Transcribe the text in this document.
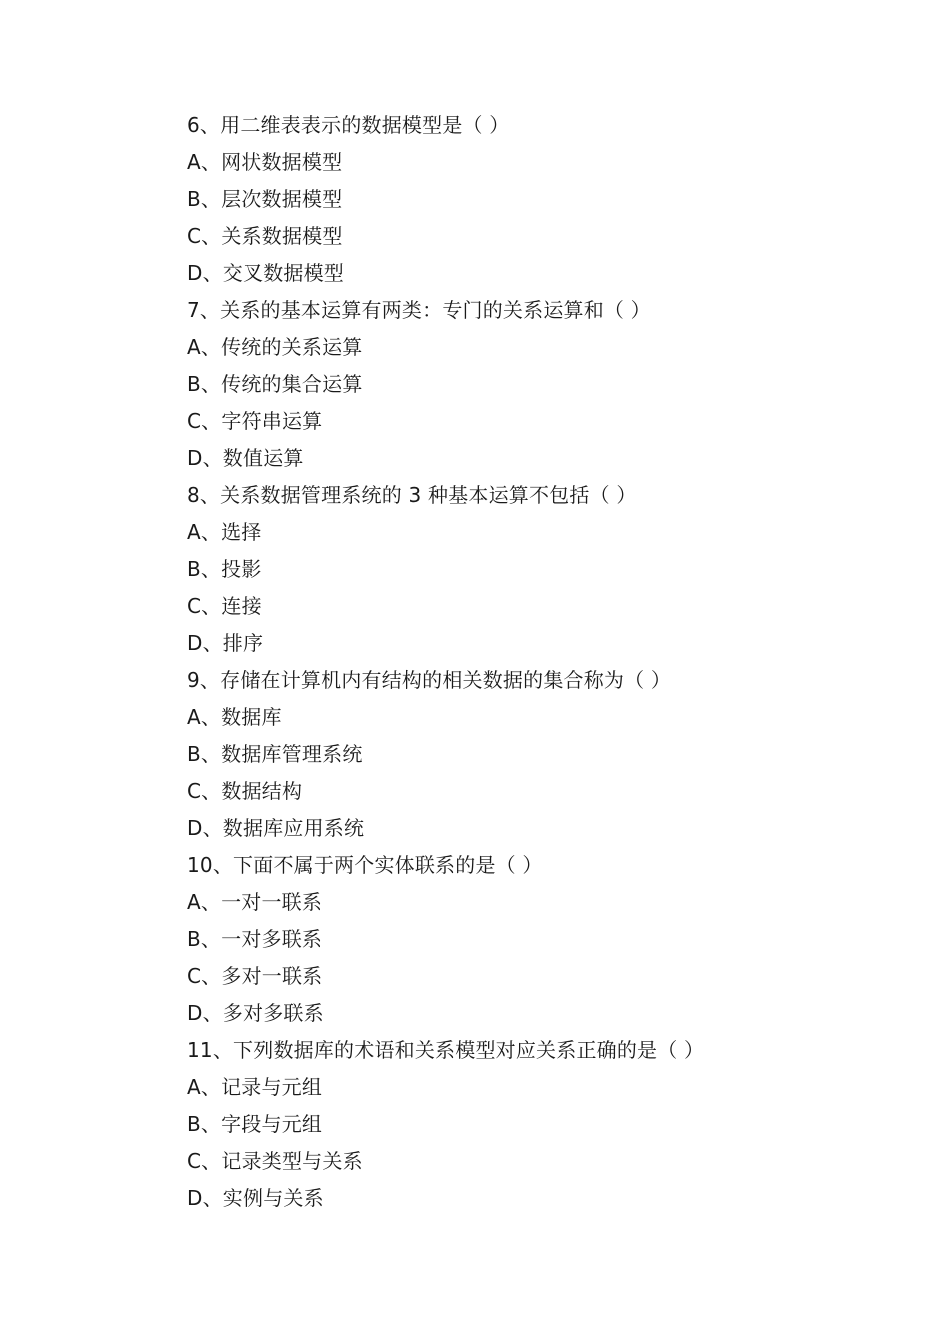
6、用二维表表示的数据模型是（ ）
A、网状数据模型
B、层次数据模型
C、关系数据模型
D、交叉数据模型
7、关系的基本运算有两类：专门的关系运算和（ ）
A、传统的关系运算
B、传统的集合运算
C、字符串运算
D、数值运算
8、关系数据管理系统的 3 种基本运算不包括（ ）
A、选择
B、投影
C、连接
D、排序
9、存储在计算机内有结构的相关数据的集合称为（ ）
A、数据库
B、数据库管理系统
C、数据结构
D、数据库应用系统
10、下面不属于两个实体联系的是（ ）
A、一对一联系
B、一对多联系
C、多对一联系
D、多对多联系
11、下列数据库的术语和关系模型对应关系正确的是（ ）
A、记录与元组
B、字段与元组
C、记录类型与关系
D、实例与关系
